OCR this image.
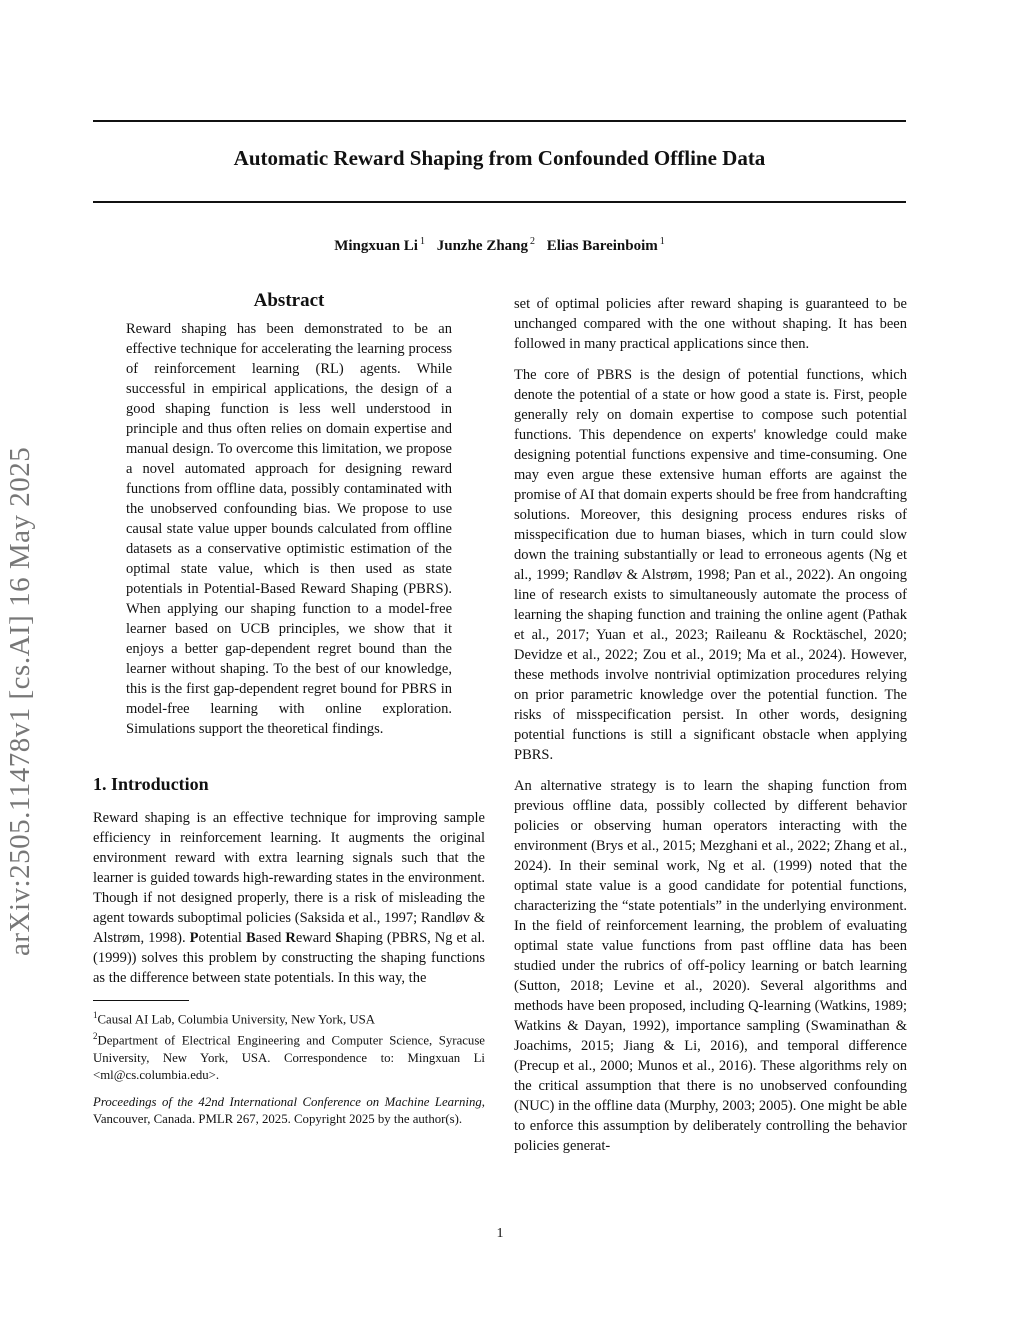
Automatic Reward Shaping from Confounded Offline Data
Mingxuan Li $^1$ Junzhe Zhang $^2$ Elias Bareinboim $^1$
arXiv:2505.11478v1 [cs.AI] 16 May 2025
Abstract

Reward shaping has been demonstrated to be an effective technique for accelerating the learning process of reinforcement learning (RL) agents. While successful in empirical applications, the design of a good shaping function is less well understood in principle and thus often relies on domain expertise and manual design. To overcome this limitation, we propose a novel automated approach for designing reward functions from offline data, possibly contaminated with the unobserved confounding bias. We propose to use causal state value upper bounds calculated from offline datasets as a conservative optimistic estimation of the optimal state value, which is then used as state potentials in Potential-Based Reward Shaping (PBRS). When applying our shaping function to a model-free learner based on UCB principles, we show that it enjoys a better gap-dependent regret bound than the learner without shaping. To the best of our knowledge, this is the first gap-dependent regret bound for PBRS in model-free learning with online exploration. Simulations support the theoretical findings.

1. Introduction

Reward shaping is an effective technique for improving sample efficiency in reinforcement learning. It augments the original environment reward with extra learning signals such that the learner is guided towards high-rewarding states in the environment. Though if not designed properly, there is a risk of misleading the agent towards suboptimal policies (Saksida et al., 1997; Randløv & Alstrøm, 1998). Potential Based Reward Shaping (PBRS, Ng et al. (1999)) solves this problem by constructing the shaping functions as the difference between state potentials. In this way, the

$^1$Causal AI Lab, Columbia University, New York, USA

$^2$Department of Electrical Engineering and Computer Science, Syracuse University, New York, USA. Correspondence to: Mingxuan Li <ml@cs.columbia.edu>.

Proceedings of the 42nd International Conference on Machine Learning, Vancouver, Canada. PMLR 267, 2025. Copyright 2025 by the author(s).

set of optimal policies after reward shaping is guaranteed to be unchanged compared with the one without shaping. It has been followed in many practical applications since then.

The core of PBRS is the design of potential functions, which denote the potential of a state or how good a state is. First, people generally rely on domain expertise to compose such potential functions. This dependence on experts' knowledge could make designing potential functions expensive and time-consuming. One may even argue these extensive human efforts are against the promise of AI that domain experts should be free from handcrafting solutions. Moreover, this designing process endures risks of misspecification due to human biases, which in turn could slow down the training substantially or lead to erroneous agents (Ng et al., 1999; Randløv & Alstrøm, 1998; Pan et al., 2022). An ongoing line of research exists to simultaneously automate the process of learning the shaping function and training the online agent (Pathak et al., 2017; Yuan et al., 2023; Raileanu & Rocktäschel, 2020; Devidze et al., 2022; Zou et al., 2019; Ma et al., 2024). However, these methods involve nontrivial optimization procedures relying on prior parametric knowledge over the potential function. The risks of misspecification persist. In other words, designing potential functions is still a significant obstacle when applying PBRS.

An alternative strategy is to learn the shaping function from previous offline data, possibly collected by different behavior policies or observing human operators interacting with the environment (Brys et al., 2015; Mezghani et al., 2022; Zhang et al., 2024). In their seminal work, Ng et al. (1999) noted that the optimal state value is a good candidate for potential functions, characterizing the “state potentials” in the underlying environment. In the field of reinforcement learning, the problem of evaluating optimal state value functions from past offline data has been studied under the rubrics of off-policy learning or batch learning (Sutton, 2018; Levine et al., 2020). Several algorithms and methods have been proposed, including Q-learning (Watkins, 1989; Watkins & Dayan, 1992), importance sampling (Swaminathan & Joachims, 2015; Jiang & Li, 2016), and temporal difference (Precup et al., 2000; Munos et al., 2016). These algorithms rely on the critical assumption that there is no unobserved confounding (NUC) in the offline data (Murphy, 2003; 2005). One might be able to enforce this assumption by deliberately controlling the behavior policies generat-

1
